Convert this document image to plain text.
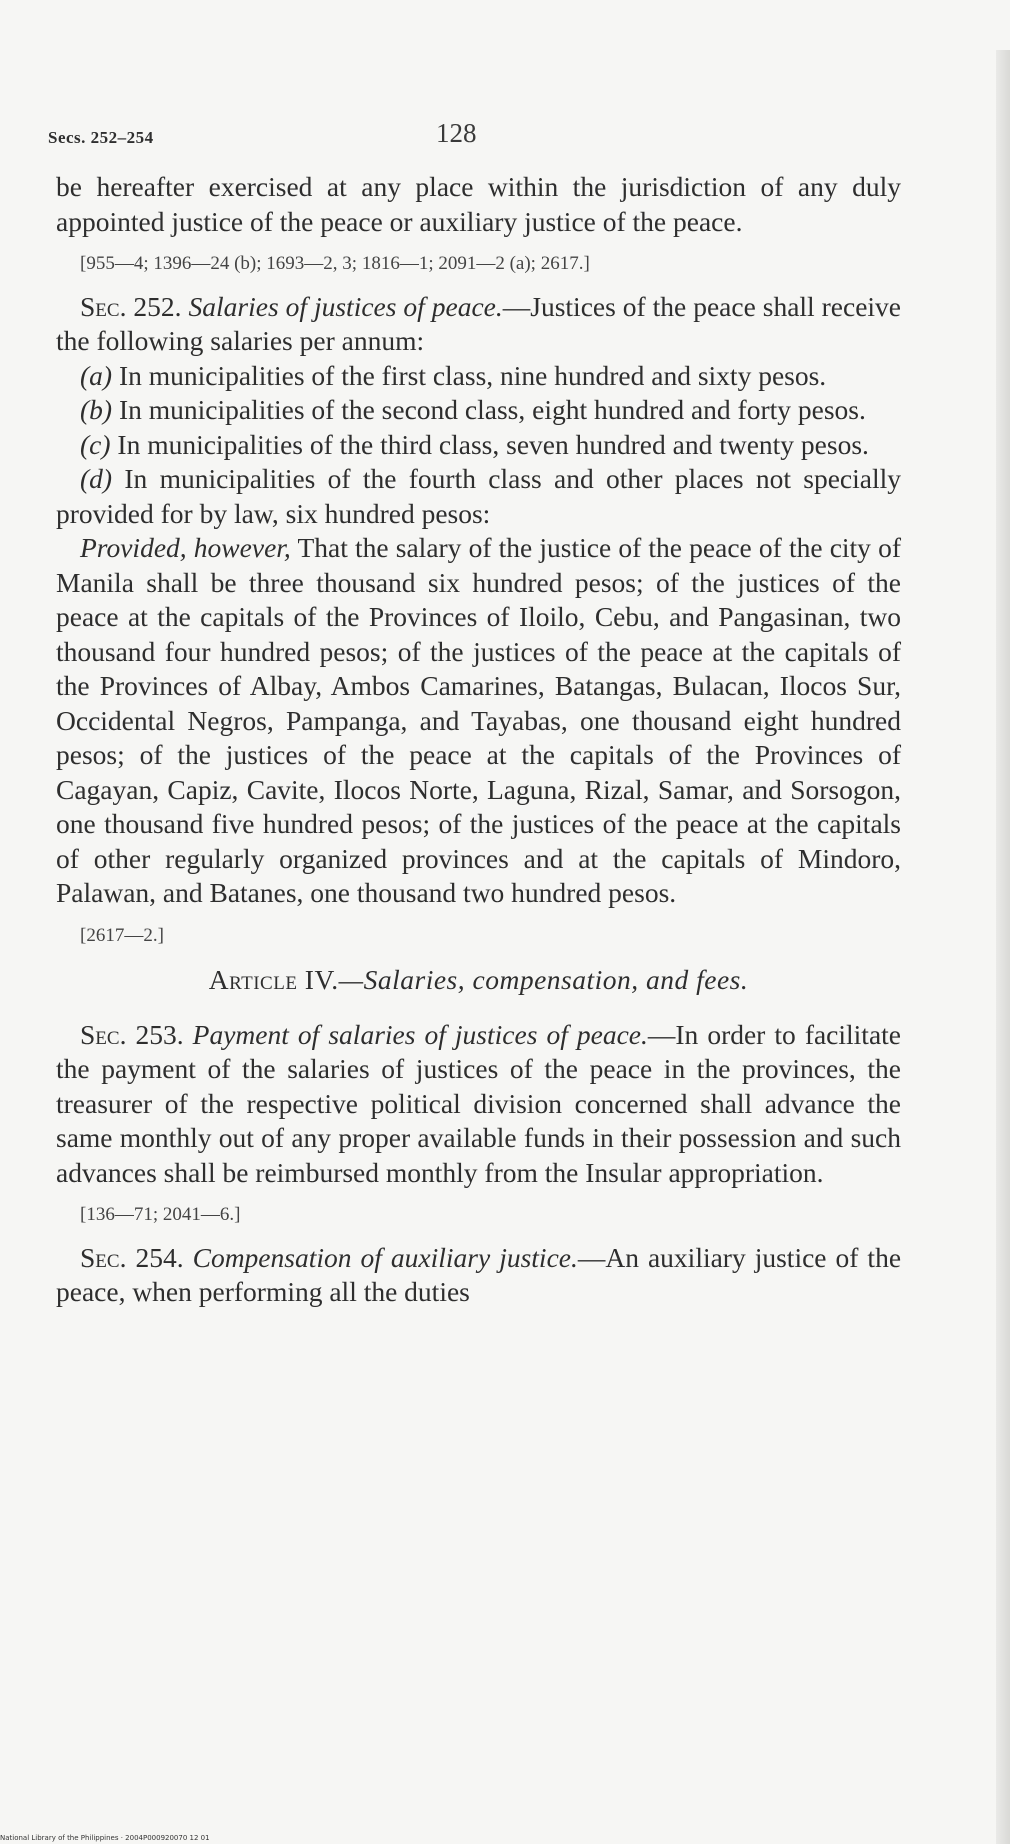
Secs. 252–254	128

be hereafter exercised at any place within the jurisdiction of any duly appointed justice of the peace or auxiliary justice of the peace.

[955—4; 1396—24 (b); 1693—2, 3; 1816—1; 2091—2 (a); 2617.]

Sec. 252. Salaries of justices of peace.—Justices of the peace shall receive the following salaries per annum:

(a) In municipalities of the first class, nine hundred and sixty pesos.

(b) In municipalities of the second class, eight hundred and forty pesos.

(c) In municipalities of the third class, seven hundred and twenty pesos.

(d) In municipalities of the fourth class and other places not specially provided for by law, six hundred pesos:

Provided, however, That the salary of the justice of the peace of the city of Manila shall be three thousand six hundred pesos; of the justices of the peace at the capitals of the Provinces of Iloilo, Cebu, and Pangasinan, two thousand four hundred pesos; of the justices of the peace at the capitals of the Provinces of Albay, Ambos Camarines, Batangas, Bulacan, Ilocos Sur, Occidental Negros, Pampanga, and Tayabas, one thousand eight hundred pesos; of the justices of the peace at the capitals of the Provinces of Cagayan, Capiz, Cavite, Ilocos Norte, Laguna, Rizal, Samar, and Sorsogon, one thousand five hundred pesos; of the justices of the peace at the capitals of other regularly organized provinces and at the capitals of Mindoro, Palawan, and Batanes, one thousand two hundred pesos.

[2617—2.]

Article IV.—Salaries, compensation, and fees.

Sec. 253. Payment of salaries of justices of peace.—In order to facilitate the payment of the salaries of justices of the peace in the provinces, the treasurer of the respective political division concerned shall advance the same monthly out of any proper available funds in their possession and such advances shall be reimbursed monthly from the Insular appropriation.

[136—71; 2041—6.]

Sec. 254. Compensation of auxiliary justice.—An auxiliary justice of the peace, when performing all the duties

National Library of the Philippines · 2004P000920070 12 01
